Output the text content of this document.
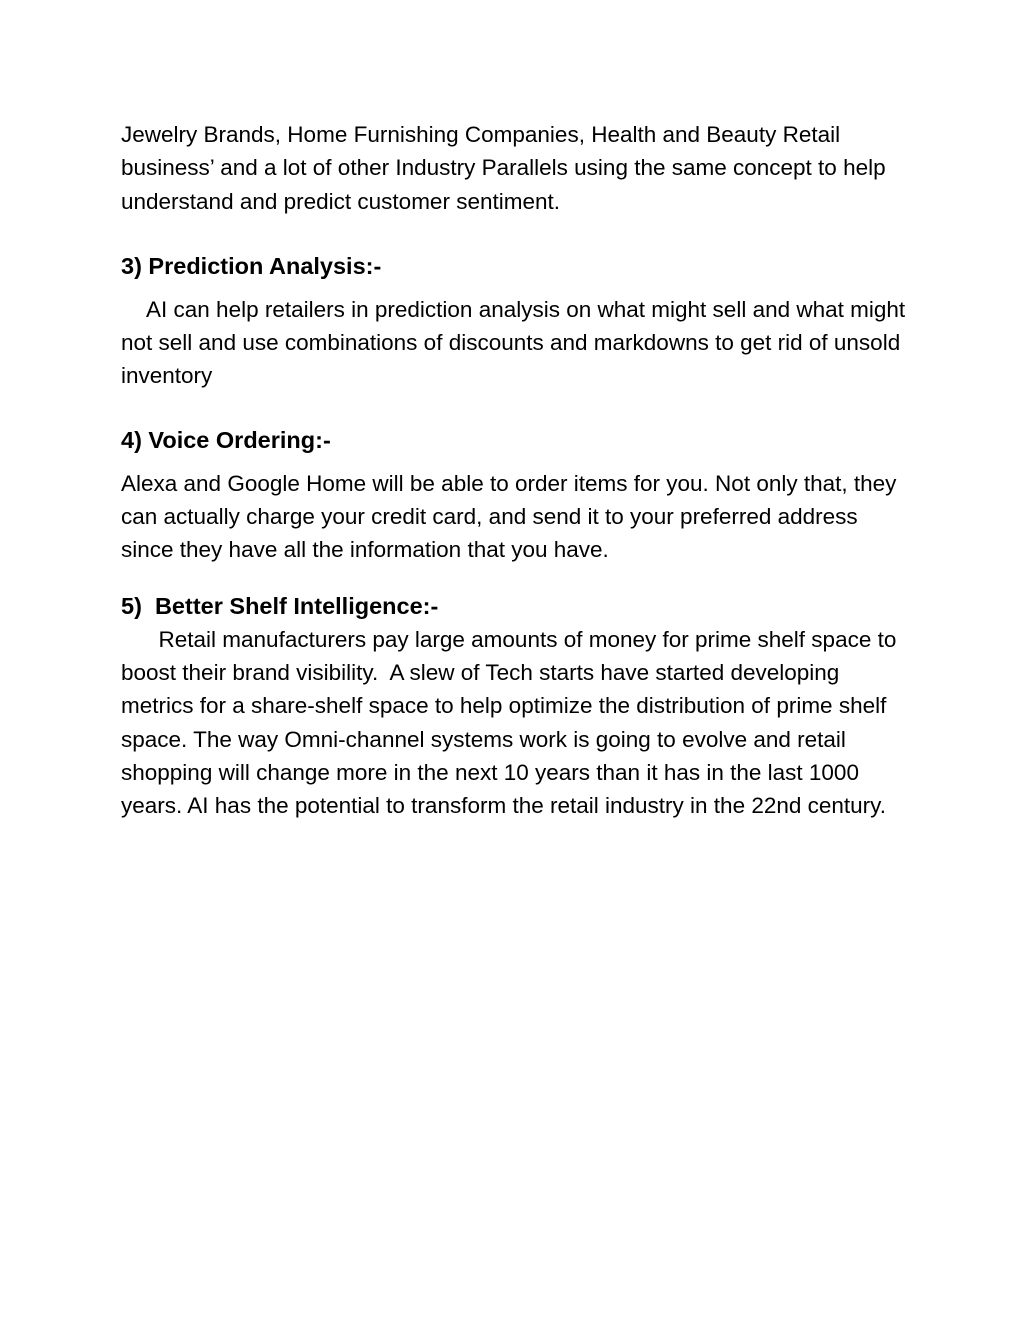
Jewelry Brands, Home Furnishing Companies, Health and Beauty Retail business’ and a lot of other Industry Parallels using the same concept to help understand and predict customer sentiment.

3) Prediction Analysis:-

AI can help retailers in prediction analysis on what might sell and what might not sell and use combinations of discounts and markdowns to get rid of unsold inventory

4) Voice Ordering:-

Alexa and Google Home will be able to order items for you. Not only that, they can actually charge your credit card, and send it to your preferred address since they have all the information that you have.

5)  Better Shelf Intelligence:-

Retail manufacturers pay large amounts of money for prime shelf space to boost their brand visibility.  A slew of Tech starts have started developing metrics for a share-shelf space to help optimize the distribution of prime shelf space. The way Omni-channel systems work is going to evolve and retail shopping will change more in the next 10 years than it has in the last 1000 years. AI has the potential to transform the retail industry in the 22nd century.
